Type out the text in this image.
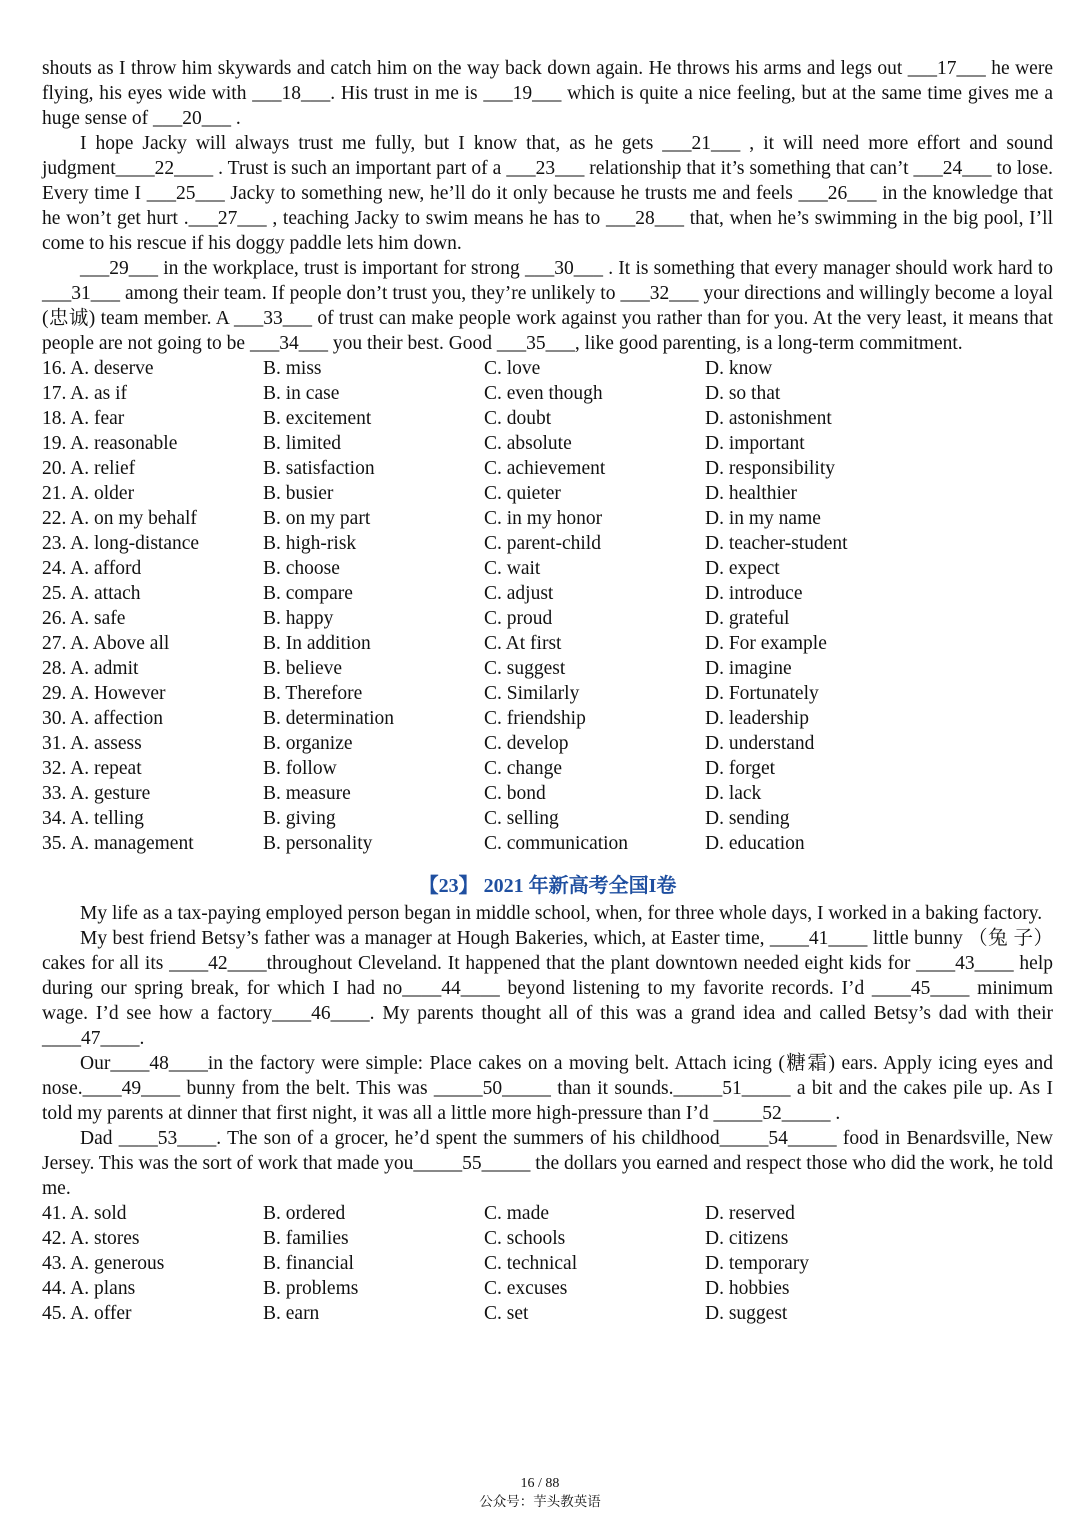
shouts as I throw him skywards and catch him on the way back down again. He throws his arms and legs out ___17___ he were flying, his eyes wide with ___18___. His trust in me is ___19___ which is quite a nice feeling, but at the same time gives me a huge sense of ___20___ .

I hope Jacky will always trust me fully, but I know that, as he gets ___21___ , it will need more effort and sound judgment____22____ . Trust is such an important part of a ___23___ relationship that it’s something that can’t ___24___ to lose. Every time I ___25___ Jacky to something new, he’ll do it only because he trusts me and feels ___26___ in the knowledge that he won’t get hurt .___27___ , teaching Jacky to swim means he has to ___28___ that, when he’s swimming in the big pool, I’ll come to his rescue if his doggy paddle lets him down.

___29___ in the workplace, trust is important for strong ___30___ . It is something that every manager should work hard to ___31___ among their team. If people don’t trust you, they’re unlikely to ___32___ your directions and willingly become a loyal (忠诚) team member. A ___33___ of trust can make people work against you rather than for you. At the very least, it means that people are not going to be ___34___ you their best. Good ___35___, like good parenting, is a long-term commitment.

16. A. deserve	B. miss	C. love	D. know
17. A. as if	B. in case	C. even though	D. so that
18. A. fear	B. excitement	C. doubt	D. astonishment
19. A. reasonable	B. limited	C. absolute	D. important
20. A. relief	B. satisfaction	C. achievement	D. responsibility
21. A. older	B. busier	C. quieter	D. healthier
22. A. on my behalf	B. on my part	C. in my honor	D. in my name
23. A. long-distance	B. high-risk	C. parent-child	D. teacher-student
24. A. afford	B. choose	C. wait	D. expect
25. A. attach	B. compare	C. adjust	D. introduce
26. A. safe	B. happy	C. proud	D. grateful
27. A. Above all	B. In addition	C. At first	D. For example
28. A. admit	B. believe	C. suggest	D. imagine
29. A. However	B. Therefore	C. Similarly	D. Fortunately
30. A. affection	B. determination	C. friendship	D. leadership
31. A. assess	B. organize	C. develop	D. understand
32. A. repeat	B. follow	C. change	D. forget
33. A. gesture	B. measure	C. bond	D. lack
34. A. telling	B. giving	C. selling	D. sending
35. A. management	B. personality	C. communication	D. education
【23】 2021 年新高考全国I卷

My life as a tax-paying employed person began in middle school, when, for three whole days, I worked in a baking factory.

My best friend Betsy’s father was a manager at Hough Bakeries, which, at Easter time, ____41____ little bunny （兔 子） cakes for all its ____42____throughout Cleveland. It happened that the plant downtown needed eight kids for ____43____ help during our spring break, for which I had no____44____ beyond listening to my favorite records. I’d ____45____ minimum wage. I’d see how a factory____46____. My parents thought all of this was a grand idea and called Betsy’s dad with their ____47____.

Our____48____in the factory were simple: Place cakes on a moving belt. Attach icing (糖霜) ears. Apply icing eyes and nose.____49____ bunny from the belt. This was _____50_____ than it sounds._____51_____ a bit and the cakes pile up. As I told my parents at dinner that first night, it was all a little more high-pressure than I’d _____52_____ .

Dad ____53____. The son of a grocer, he’d spent the summers of his childhood_____54_____ food in Benardsville, New Jersey. This was the sort of work that made you_____55_____ the dollars you earned and respect those who did the work, he told me.

41. A. sold	B. ordered	C. made	D. reserved
42. A. stores	B. families	C. schools	D. citizens
43. A. generous	B. financial	C. technical	D. temporary
44. A. plans	B. problems	C. excuses	D. hobbies
45. A. offer	B. earn	C. set	D. suggest
16 / 88
公众号：芋头教英语
